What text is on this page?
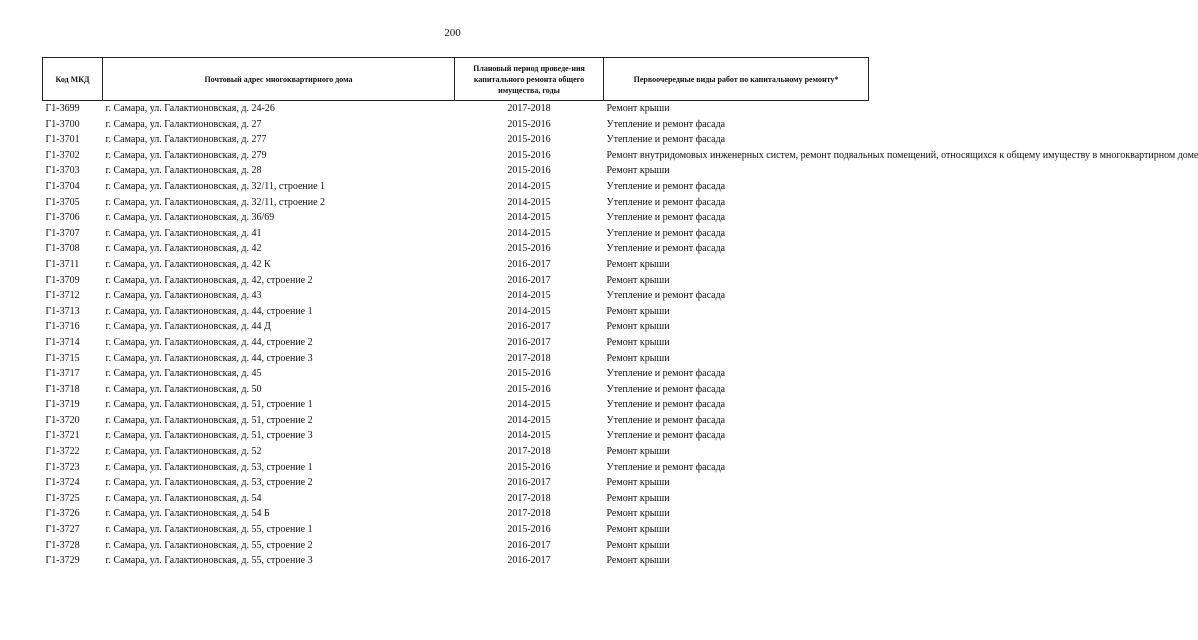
200
Код МКД	Почтовый адрес многоквартирного дома	Плановый период проведе-ния капитального ремонта общего имущества, годы	Первоочередные виды работ по капитальному ремонту*
Г1-3699	г. Самара, ул. Галактионовская, д. 24-26	2017-2018	Ремонт крыши
Г1-3700	г. Самара, ул. Галактионовская, д. 27	2015-2016	Утепление и ремонт фасада
Г1-3701	г. Самара, ул. Галактионовская, д. 277	2015-2016	Утепление и ремонт фасада
Г1-3702	г. Самара, ул. Галактионовская, д. 279	2015-2016	Ремонт внутридомовых инженерных систем, ремонт подвальных помещений, относящихся к общему имуществу в многоквартирном доме
Г1-3703	г. Самара, ул. Галактионовская, д. 28	2015-2016	Ремонт крыши
Г1-3704	г. Самара, ул. Галактионовская, д. 32/11, строение 1	2014-2015	Утепление и ремонт фасада
Г1-3705	г. Самара, ул. Галактионовская, д. 32/11, строение 2	2014-2015	Утепление и ремонт фасада
Г1-3706	г. Самара, ул. Галактионовская, д. 36/69	2014-2015	Утепление и ремонт фасада
Г1-3707	г. Самара, ул. Галактионовская, д. 41	2014-2015	Утепление и ремонт фасада
Г1-3708	г. Самара, ул. Галактионовская, д. 42	2015-2016	Утепление и ремонт фасада
Г1-3711	г. Самара, ул. Галактионовская, д. 42 К	2016-2017	Ремонт крыши
Г1-3709	г. Самара, ул. Галактионовская, д. 42, строение 2	2016-2017	Ремонт крыши
Г1-3712	г. Самара, ул. Галактионовская, д. 43	2014-2015	Утепление и ремонт фасада
Г1-3713	г. Самара, ул. Галактионовская, д. 44, строение 1	2014-2015	Ремонт крыши
Г1-3716	г. Самара, ул. Галактионовская, д. 44 Д	2016-2017	Ремонт крыши
Г1-3714	г. Самара, ул. Галактионовская, д. 44, строение 2	2016-2017	Ремонт крыши
Г1-3715	г. Самара, ул. Галактионовская, д. 44, строение 3	2017-2018	Ремонт крыши
Г1-3717	г. Самара, ул. Галактионовская, д. 45	2015-2016	Утепление и ремонт фасада
Г1-3718	г. Самара, ул. Галактионовская, д. 50	2015-2016	Утепление и ремонт фасада
Г1-3719	г. Самара, ул. Галактионовская, д. 51, строение 1	2014-2015	Утепление и ремонт фасада
Г1-3720	г. Самара, ул. Галактионовская, д. 51, строение 2	2014-2015	Утепление и ремонт фасада
Г1-3721	г. Самара, ул. Галактионовская, д. 51, строение 3	2014-2015	Утепление и ремонт фасада
Г1-3722	г. Самара, ул. Галактионовская, д. 52	2017-2018	Ремонт крыши
Г1-3723	г. Самара, ул. Галактионовская, д. 53, строение 1	2015-2016	Утепление и ремонт фасада
Г1-3724	г. Самара, ул. Галактионовская, д. 53, строение 2	2016-2017	Ремонт крыши
Г1-3725	г. Самара, ул. Галактионовская, д. 54	2017-2018	Ремонт крыши
Г1-3726	г. Самара, ул. Галактионовская, д. 54 Б	2017-2018	Ремонт крыши
Г1-3727	г. Самара, ул. Галактионовская, д. 55, строение 1	2015-2016	Ремонт крыши
Г1-3728	г. Самара, ул. Галактионовская, д. 55, строение 2	2016-2017	Ремонт крыши
Г1-3729	г. Самара, ул. Галактионовская, д. 55, строение 3	2016-2017	Ремонт крыши
